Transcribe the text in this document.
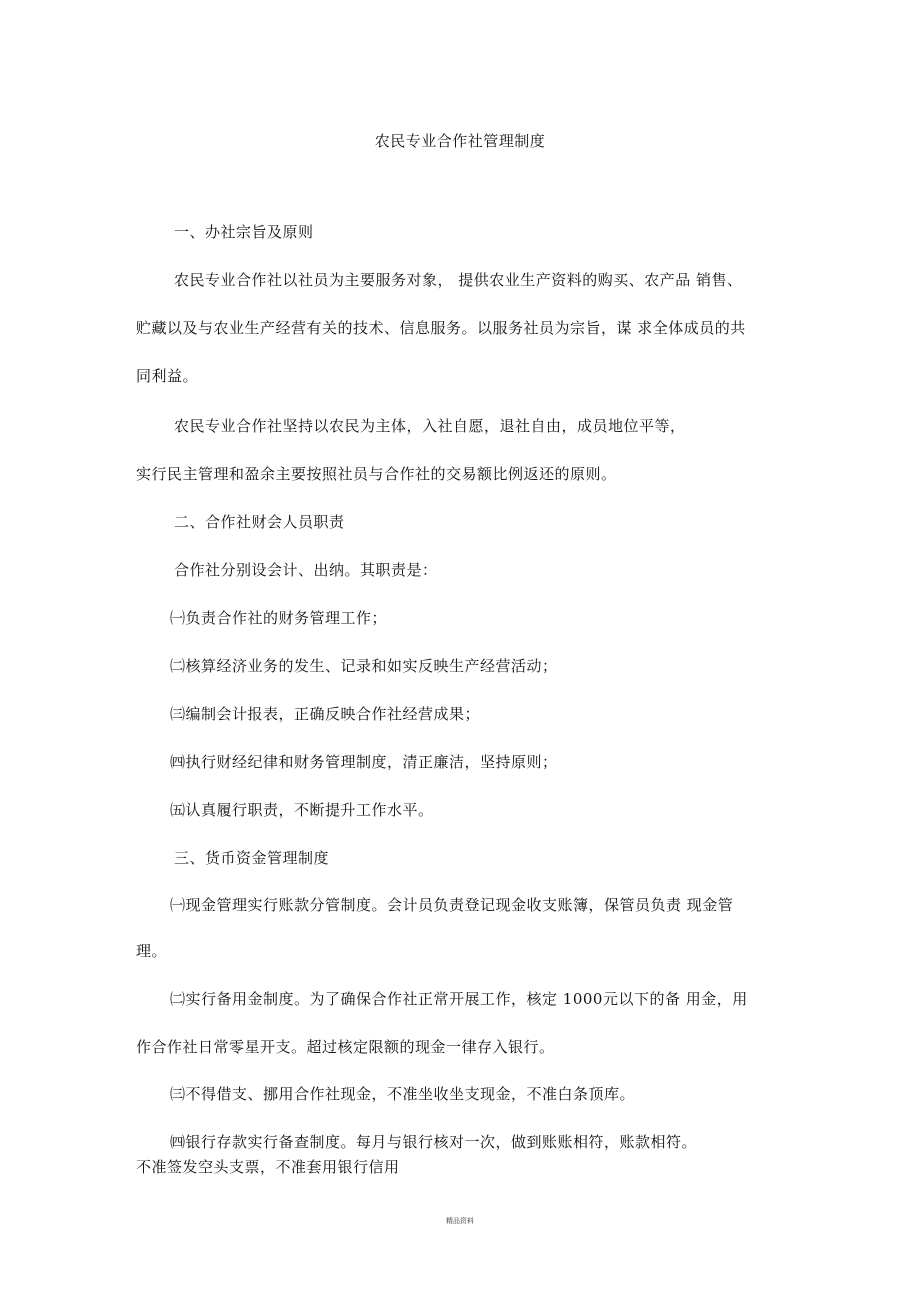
农民专业合作社管理制度
一、办社宗旨及原则
农民专业合作社以社员为主要服务对象， 提供农业生产资料的购买、农产品 销售、
贮藏以及与农业生产经营有关的技术、信息服务。以服务社员为宗旨，谋 求全体成员的共
同利益。
农民专业合作社坚持以农民为主体，入社自愿，退社自由，成员地位平等，
实行民主管理和盈余主要按照社员与合作社的交易额比例返还的原则。
二、合作社财会人员职责
合作社分别设会计、出纳。其职责是：
㈠负责合作社的财务管理工作；
㈡核算经济业务的发生、记录和如实反映生产经营活动；
㈢编制会计报表，正确反映合作社经营成果；
㈣执行财经纪律和财务管理制度，清正廉洁，坚持原则；
㈤认真履行职责，不断提升工作水平。
三、货币资金管理制度
㈠现金管理实行账款分管制度。会计员负责登记现金收支账簿，保管员负责 现金管
理。
㈡实行备用金制度。为了确保合作社正常开展工作，核定 1000元以下的备 用金，用
作合作社日常零星开支。超过核定限额的现金一律存入银行。
㈢不得借支、挪用合作社现金，不准坐收坐支现金，不准白条顶库。
㈣银行存款实行备查制度。每月与银行核对一次，做到账账相符，账款相符。
不准签发空头支票，不准套用银行信用
精品资料
